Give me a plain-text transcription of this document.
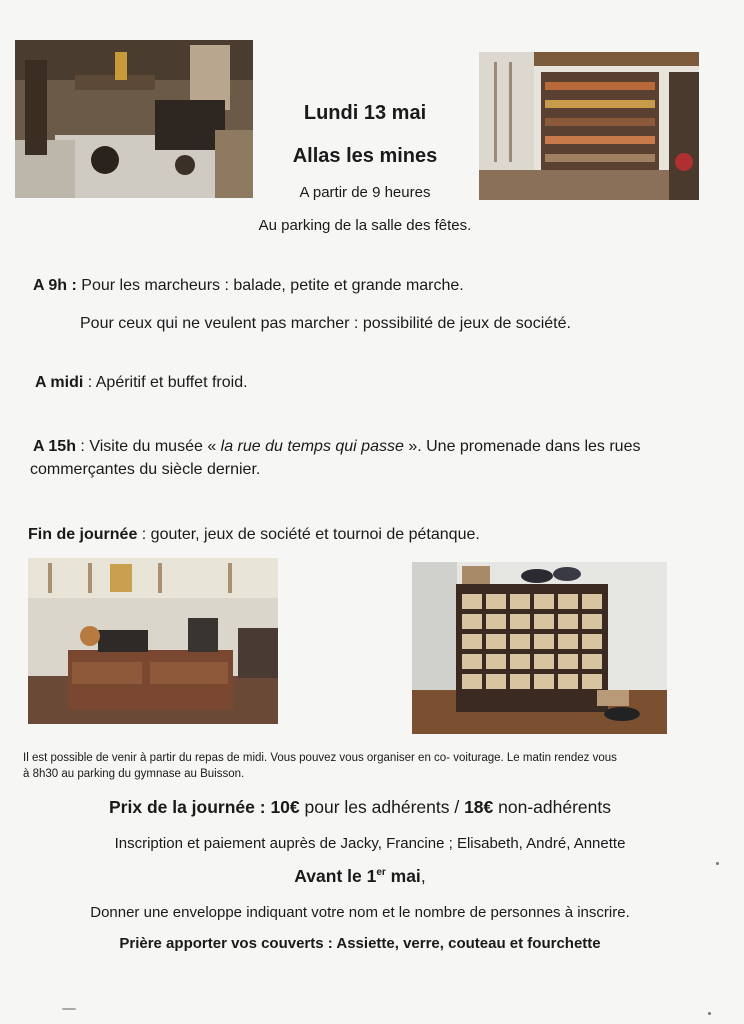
Lundi 13 mai
Allas les mines
A partir de 9 heures
Au parking de la salle des fêtes.
A 9h : Pour les marcheurs : balade, petite et grande marche.
Pour ceux qui ne veulent pas marcher : possibilité de jeux de société.
A midi : Apéritif et buffet froid.
A 15h : Visite du musée « la rue du temps qui passe ». Une promenade dans les rues
commerçantes du siècle dernier.
Fin de journée : gouter, jeux de société et tournoi de pétanque.
Il est possible de venir à partir du repas de midi. Vous pouvez vous organiser en co- voiturage. Le matin rendez vous
à 8h30 au parking du gymnase au Buisson.
Prix de la journée : 10€ pour les adhérents / 18€ non-adhérents
Inscription et paiement auprès de Jacky, Francine ; Elisabeth, André, Annette
Avant le 1er mai,
Donner une enveloppe indiquant votre nom et le nombre de personnes à inscrire.
Prière apporter vos couverts : Assiette, verre, couteau et fourchette
